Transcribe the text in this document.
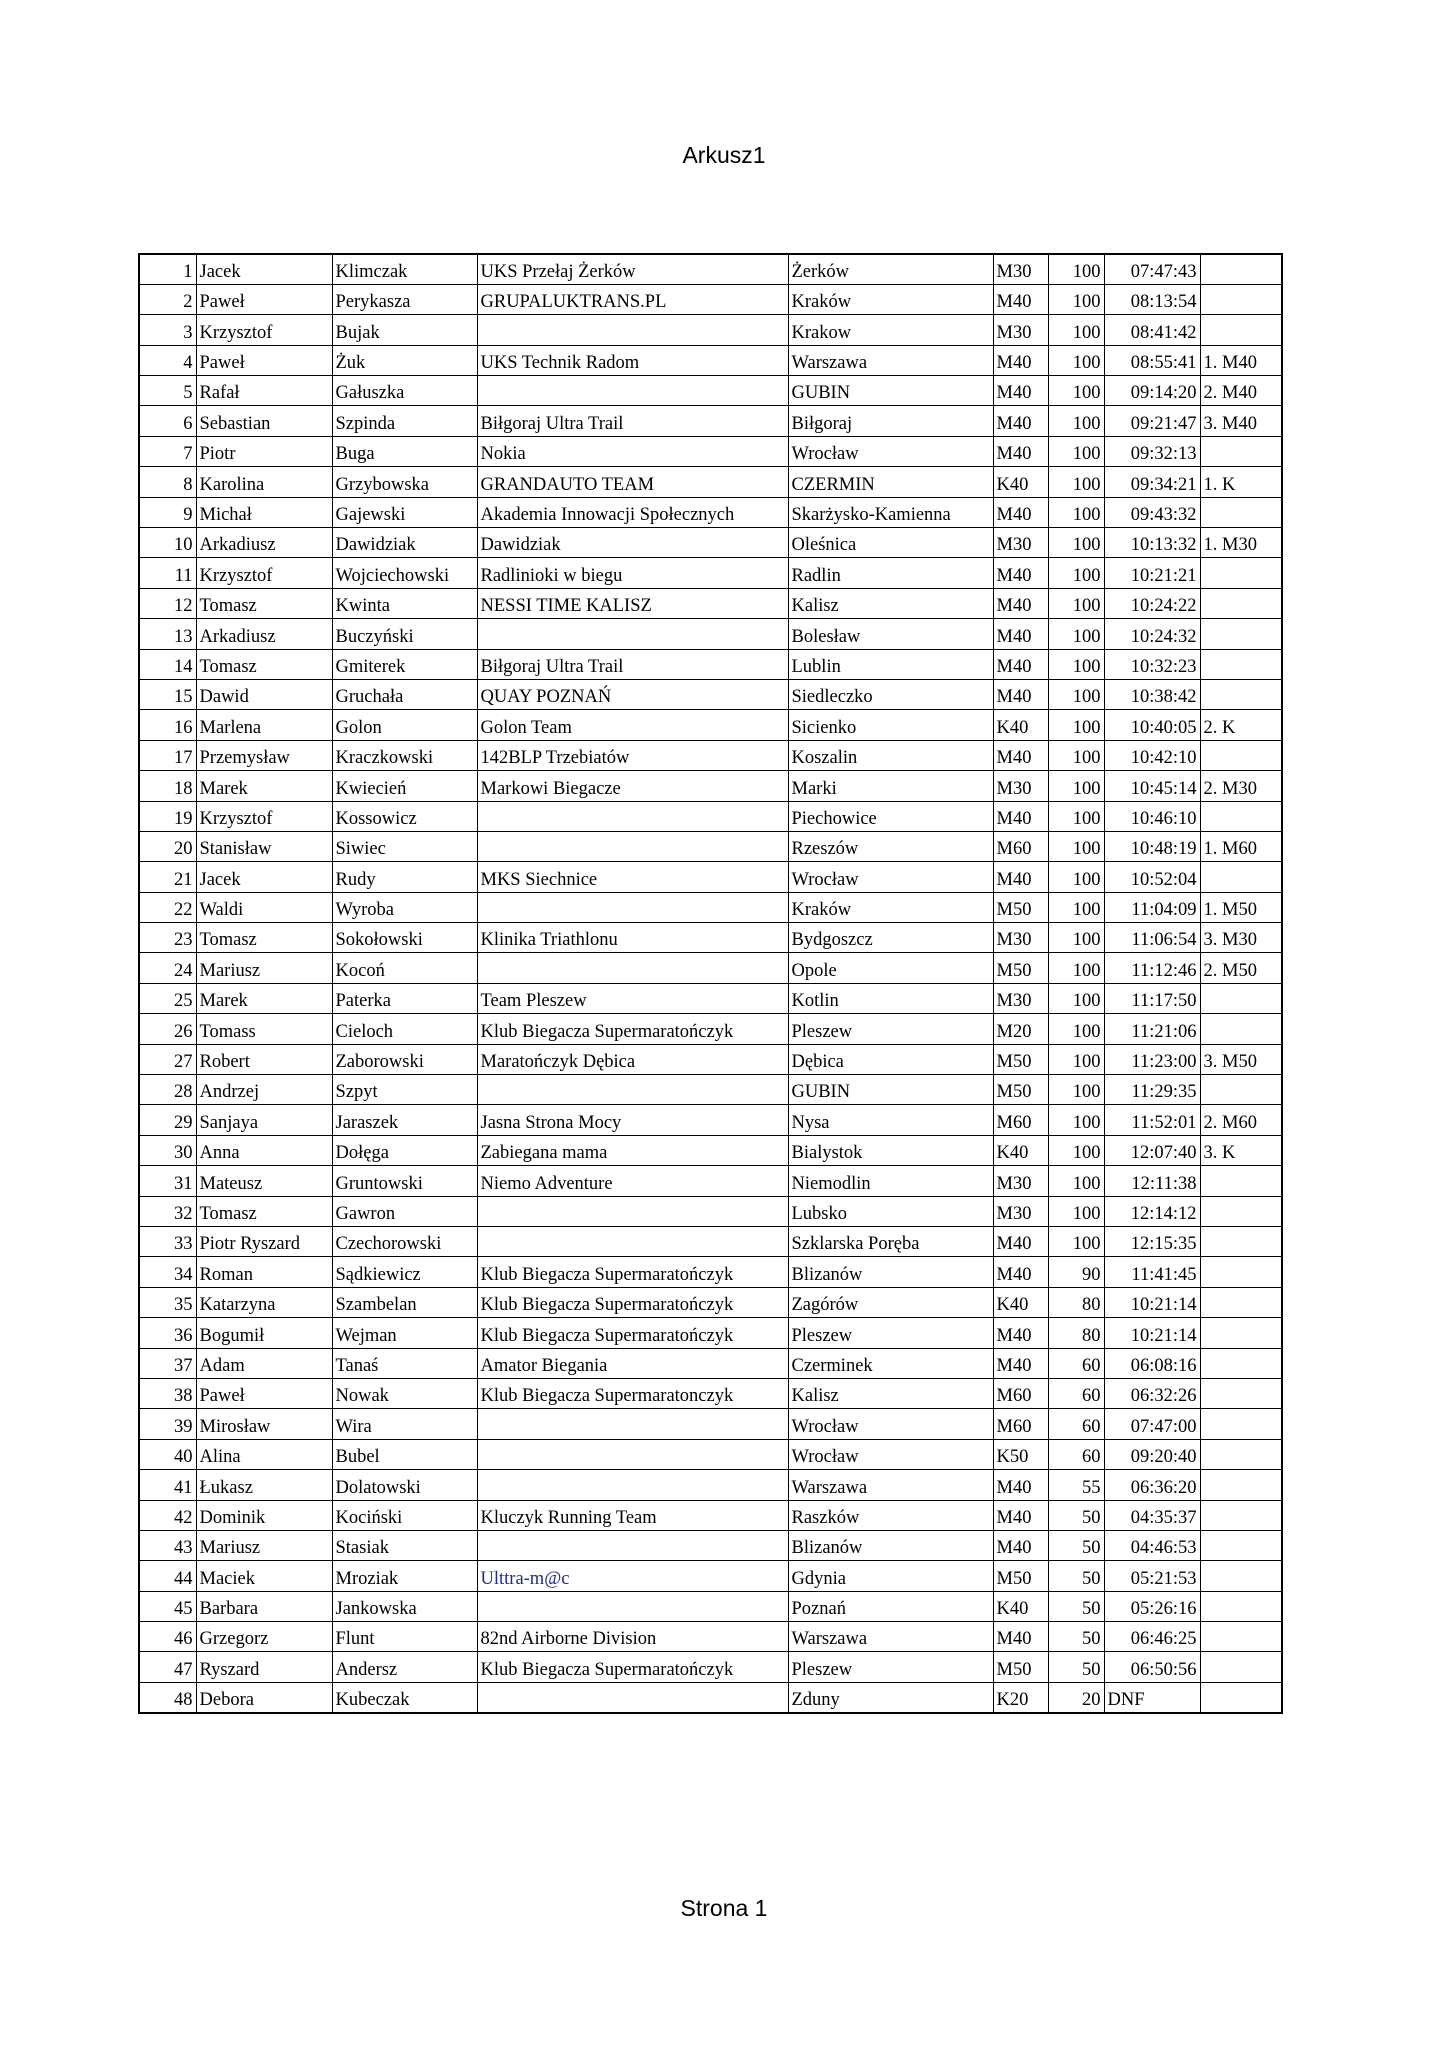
Arkusz1
1	Jacek	Klimczak	UKS Przełaj Żerków	Żerków	M30	100	07:47:43	
2	Paweł	Perykasza	GRUPALUKTRANS.PL	Kraków	M40	100	08:13:54	
3	Krzysztof	Bujak		Krakow	M30	100	08:41:42	
4	Paweł	Żuk	UKS Technik Radom	Warszawa	M40	100	08:55:41	1. M40
5	Rafał	Gałuszka		GUBIN	M40	100	09:14:20	2. M40
6	Sebastian	Szpinda	Biłgoraj Ultra Trail	Biłgoraj	M40	100	09:21:47	3. M40
7	Piotr	Buga	Nokia	Wrocław	M40	100	09:32:13	
8	Karolina	Grzybowska	GRANDAUTO TEAM	CZERMIN	K40	100	09:34:21	1. K
9	Michał	Gajewski	Akademia Innowacji Społecznych	Skarżysko-Kamienna	M40	100	09:43:32	
10	Arkadiusz	Dawidziak	Dawidziak	Oleśnica	M30	100	10:13:32	1. M30
11	Krzysztof	Wojciechowski	Radlinioki w biegu	Radlin	M40	100	10:21:21	
12	Tomasz	Kwinta	NESSI TIME KALISZ	Kalisz	M40	100	10:24:22	
13	Arkadiusz	Buczyński		Bolesław	M40	100	10:24:32	
14	Tomasz	Gmiterek	Biłgoraj Ultra Trail	Lublin	M40	100	10:32:23	
15	Dawid	Gruchała	QUAY POZNAŃ	Siedleczko	M40	100	10:38:42	
16	Marlena	Golon	Golon Team	Sicienko	K40	100	10:40:05	2. K
17	Przemysław	Kraczkowski	142BLP Trzebiatów	Koszalin	M40	100	10:42:10	
18	Marek	Kwiecień	Markowi Biegacze	Marki	M30	100	10:45:14	2. M30
19	Krzysztof	Kossowicz		Piechowice	M40	100	10:46:10	
20	Stanisław	Siwiec		Rzeszów	M60	100	10:48:19	1. M60
21	Jacek	Rudy	MKS Siechnice	Wrocław	M40	100	10:52:04	
22	Waldi	Wyroba		Kraków	M50	100	11:04:09	1. M50
23	Tomasz	Sokołowski	Klinika Triathlonu	Bydgoszcz	M30	100	11:06:54	3. M30
24	Mariusz	Kocoń		Opole	M50	100	11:12:46	2. M50
25	Marek	Paterka	Team Pleszew	Kotlin	M30	100	11:17:50	
26	Tomass	Cieloch	Klub Biegacza Supermaratończyk	Pleszew	M20	100	11:21:06	
27	Robert	Zaborowski	Maratończyk Dębica	Dębica	M50	100	11:23:00	3. M50
28	Andrzej	Szpyt		GUBIN	M50	100	11:29:35	
29	Sanjaya	Jaraszek	Jasna Strona Mocy	Nysa	M60	100	11:52:01	2. M60
30	Anna	Dołęga	Zabiegana mama	Bialystok	K40	100	12:07:40	3. K
31	Mateusz	Gruntowski	Niemo Adventure	Niemodlin	M30	100	12:11:38	
32	Tomasz	Gawron		Lubsko	M30	100	12:14:12	
33	Piotr Ryszard	Czechorowski		Szklarska Poręba	M40	100	12:15:35	
34	Roman	Sądkiewicz	Klub Biegacza Supermaratończyk	Blizanów	M40	90	11:41:45	
35	Katarzyna	Szambelan	Klub Biegacza Supermaratończyk	Zagórów	K40	80	10:21:14	
36	Bogumił	Wejman	Klub Biegacza Supermaratończyk	Pleszew	M40	80	10:21:14	
37	Adam	Tanaś	Amator Biegania	Czerminek	M40	60	06:08:16	
38	Paweł	Nowak	Klub Biegacza Supermaratonczyk	Kalisz	M60	60	06:32:26	
39	Mirosław	Wira		Wrocław	M60	60	07:47:00	
40	Alina	Bubel		Wrocław	K50	60	09:20:40	
41	Łukasz	Dolatowski		Warszawa	M40	55	06:36:20	
42	Dominik	Kociński	Kluczyk Running Team	Raszków	M40	50	04:35:37	
43	Mariusz	Stasiak		Blizanów	M40	50	04:46:53	
44	Maciek	Mroziak	Ulttra-m@c	Gdynia	M50	50	05:21:53	
45	Barbara	Jankowska		Poznań	K40	50	05:26:16	
46	Grzegorz	Flunt	82nd Airborne Division	Warszawa	M40	50	06:46:25	
47	Ryszard	Andersz	Klub Biegacza Supermaratończyk	Pleszew	M50	50	06:50:56	
48	Debora	Kubeczak		Zduny	K20	20	DNF	
Strona 1
